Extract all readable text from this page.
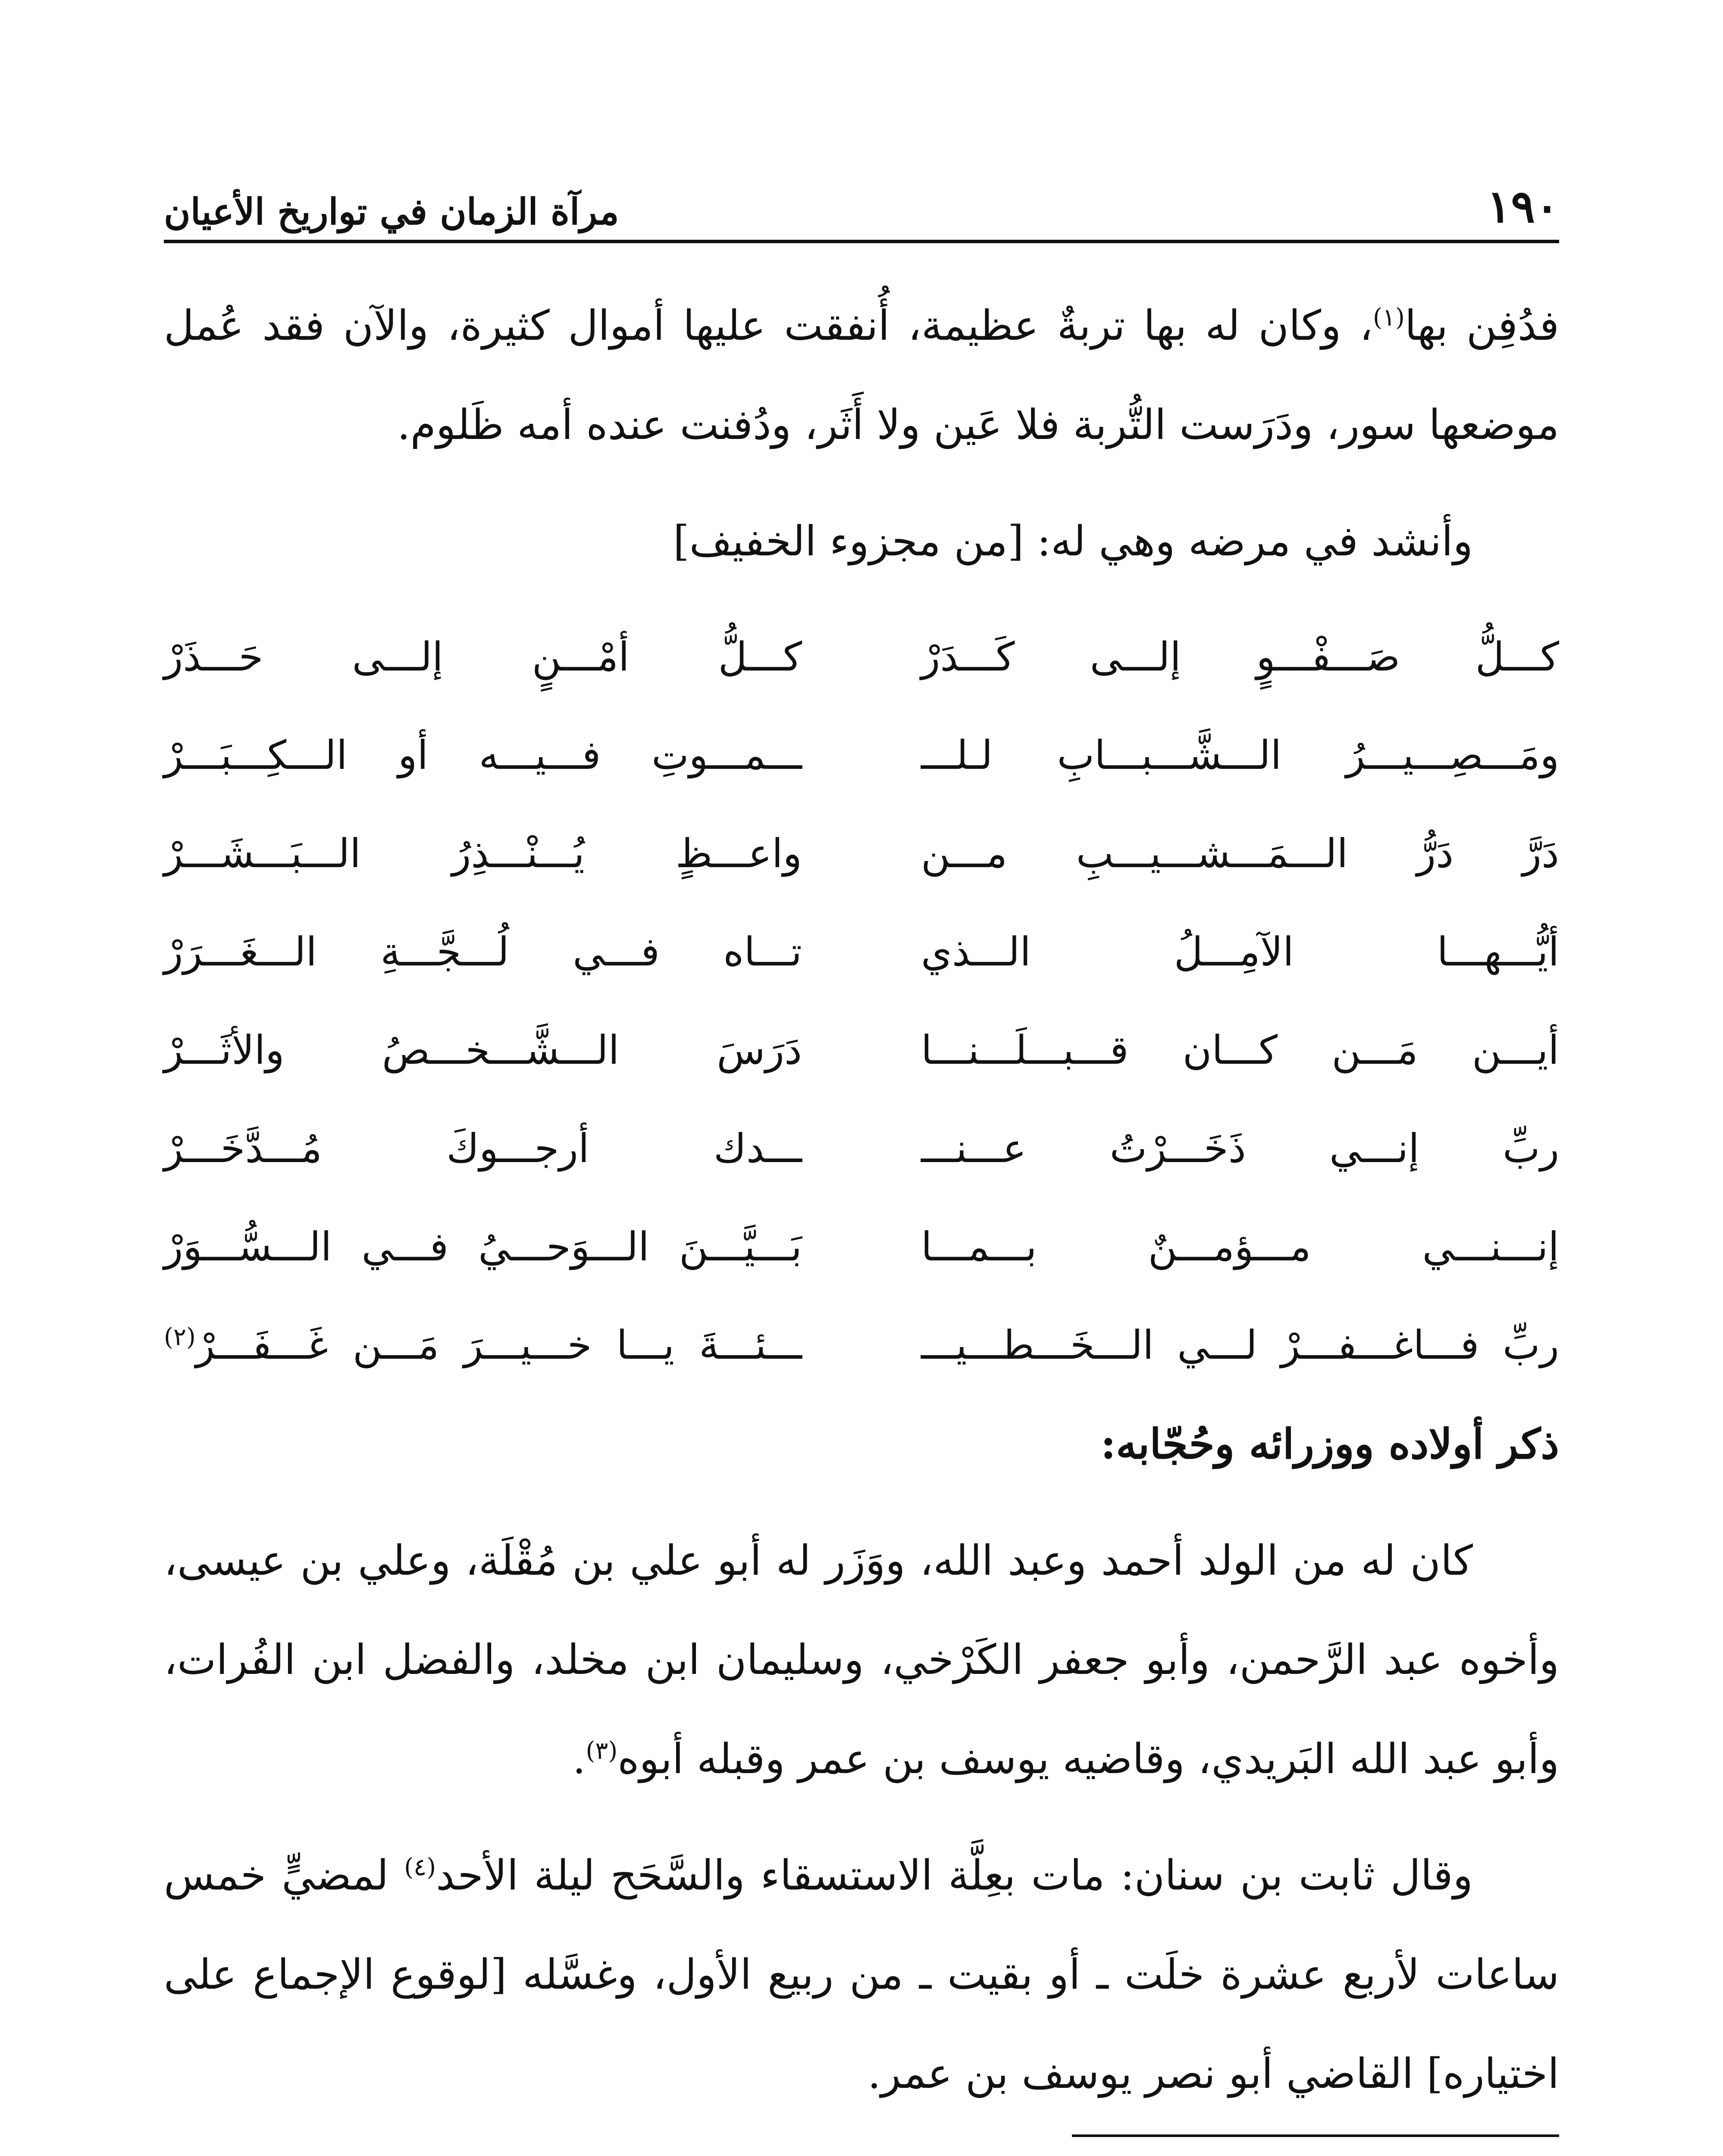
١٩٠
مرآة الزمان في تواريخ الأعيان

فدُفِن بها$^{(١)}$، وكان له بها تربةٌ عظيمة، أُنفقت عليها أموال كثيرة، والآن فقد عُمل موضعها سور، ودَرَست التُّربة فلا عَين ولا أَثَر، ودُفنت عنده أمه ظَلوم.

وأنشد في مرضه وهي له: [من مجزوء الخفيف]

كـــلُّ صَـــفْـــوٍ إلـــى كَـــدَرْ
كـــلُّ أمْـــنٍ إلـــى حَـــذَرْ
ومَـــصِـــيـــرُ الـــشَّـــبـــابِ لـلـــ
ـــمـــوتِ فـــيـــه أو الـــكِـــبَـــرْ
دَرَّ دَرُّ الـــمَـــشـــيـــبِ مـــن
واعـــظٍ يُـــنْـــذِرُ الـــبَـــشَـــرْ
أيُّـــهـــا الآمِـــلُ الـــذي
تـــاه فـــي لُـــجَّـــةِ الـــغَـــرَرْ
أيـــن مَـــن كـــان قـــبـــلَـــنـــا
دَرَسَ الـــشَّـــخـــصُ والأثَـــرْ
ربِّ إنـــي ذَخَـــرْتُ عـــنـــ
ـــدك أرجـــوكَ مُـــدَّخَـــرْ
إنـــنـــي مـــؤمـــنٌ بـــمـــا
بَـــيَّـــنَ الـــوَحـــيُ فـــي الـــسُّـــوَرْ
ربِّ فـــاغـــفـــرْ لـــي الـــخَـــطـــيـــ
ـــئـــةَ يـــا خـــيـــرَ مَـــن غَـــفَـــرْ$^{(٢)}$

ذكر أولاده ووزرائه وحُجّابه:

كان له من الولد أحمد وعبد الله، ووَزَر له أبو علي بن مُقْلَة، وعلي بن عيسى، وأخوه عبد الرَّحمن، وأبو جعفر الكَرْخي، وسليمان ابن مخلد، والفضل ابن الفُرات، وأبو عبد الله البَريدي، وقاضيه يوسف بن عمر وقبله أبوه$^{(٣)}$.

وقال ثابت بن سنان: مات بعِلَّة الاستسقاء والسَّحَح ليلة الأحد$^{(٤)}$ لمضيٍّ خمس ساعات لأربع عشرة خلَت ـ أو بقيت ـ من ربيع الأول، وغسَّله [لوقوع الإجماع على اختياره] القاضي أبو نصر يوسف بن عمر.
